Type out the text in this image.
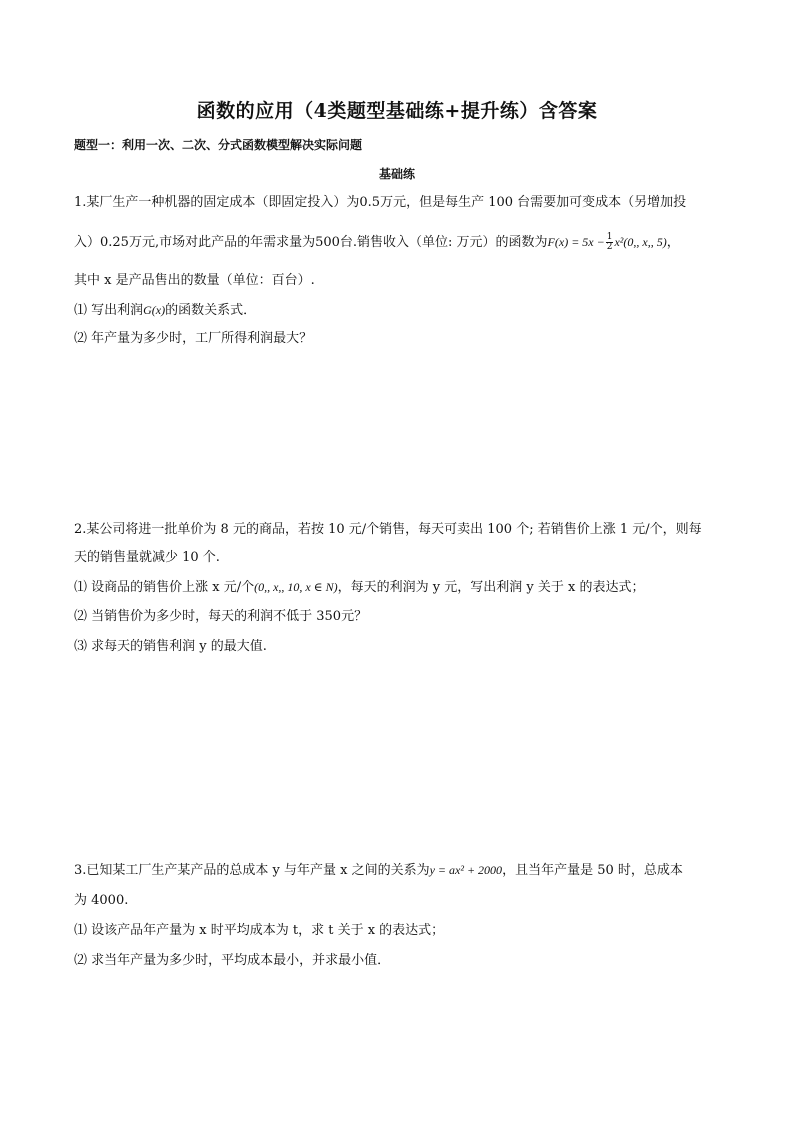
函数的应用（4类题型基础练+提升练）含答案
题型一：利用一次、二次、分式函数模型解决实际问题
基础练
1.某厂生产一种机器的固定成本（即固定投入）为0.5万元，但是每生产 100 台需要加可变成本（另增加投
入）0.25万元,市场对此产品的年需求量为500台.销售收入（单位: 万元）的函数为$F(x) = 5x - \frac{1}{2} x^2(0$,, x,, 5)，
其中 x 是产品售出的数量（单位：百台）.
⑴ 写出利润G(x)的函数关系式．
⑵ 年产量为多少时，工厂所得利润最大？
2.某公司将进一批单价为 8 元的商品，若按 10 元/个销售，每天可卖出 100 个; 若销售价上涨 1 元/个，则每
天的销售量就减少 10 个.
⑴ 设商品的销售价上涨 x 元/个(0,, x,, 10, x ∈ N)，每天的利润为 y 元，写出利润 y 关于 x 的表达式；
⑵ 当销售价为多少时，每天的利润不低于 350元？
⑶ 求每天的销售利润 y 的最大值.
3.已知某工厂生产某产品的总成本 y 与年产量 x 之间的关系为y = ax² + 2000，且当年产量是 50 时，总成本
为 4000.
⑴ 设该产品年产量为 x 时平均成本为 t，求 t 关于 x 的表达式；
⑵ 求当年产量为多少时，平均成本最小，并求最小值．
